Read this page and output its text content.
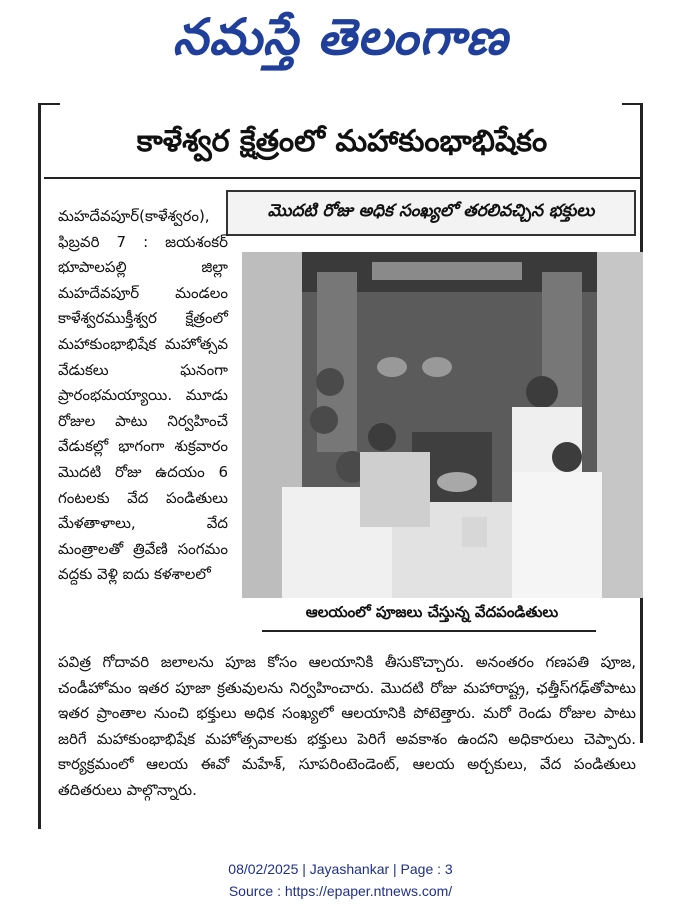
నమస్తే తెలంగాణ
కాళేశ్వర క్షేత్రంలో మహాకుంభాభిషేకం
మొదటి రోజు అధిక సంఖ్యలో తరలివచ్చిన భక్తులు

మహదేవపూర్‌(కాళేశ్వరం), ఫిబ్రవరి 7 : జయశంకర్‌ భూపాలపల్లి జిల్లా మహదేవపూర్‌ మండలం కాళేశ్వరముక్తీశ్వర క్షేత్రంలో మహాకుంభాభిషేక మహోత్సవ వేడుకలు ఘనంగా ప్రారంభమయ్యాయి. మూడు రోజుల పాటు నిర్వహించే వేడుకల్లో భాగంగా శుక్రవారం మొదటి రోజు ఉదయం 6 గంటలకు వేద పండితులు మేళతాళాలు, వేద మంత్రాలతో త్రివేణి సంగమం వద్దకు వెళ్లి ఐదు కళశాలలో

ఆలయంలో పూజలు చేస్తున్న వేదపండితులు

పవిత్ర గోదావరి జలాలను పూజ కోసం ఆలయానికి తీసుకొచ్చారు. అనంతరం గణపతి పూజ, చండీహోమం ఇతర పూజా క్రతువులను నిర్వహించారు. మొదటి రోజు మహారాష్ట్ర, ఛత్తీస్‌గఢ్‌తోపాటు ఇతర ప్రాంతాల నుంచి భక్తులు అధిక సంఖ్యలో ఆలయానికి పోటెత్తారు. మరో రెండు రోజుల పాటు జరిగే మహాకుంభాభిషేక మహోత్సవాలకు భక్తులు పెరిగే అవకాశం ఉందని అధికారులు చెప్పారు. కార్యక్రమంలో ఆలయ ఈవో మహేశ్‌, సూపరింటెండెంట్‌, ఆలయ అర్చకులు, వేద పండితులు తదితరులు పాల్గొన్నారు.

08/02/2025 | Jayashankar | Page : 3
Source : https://epaper.ntnews.com/
